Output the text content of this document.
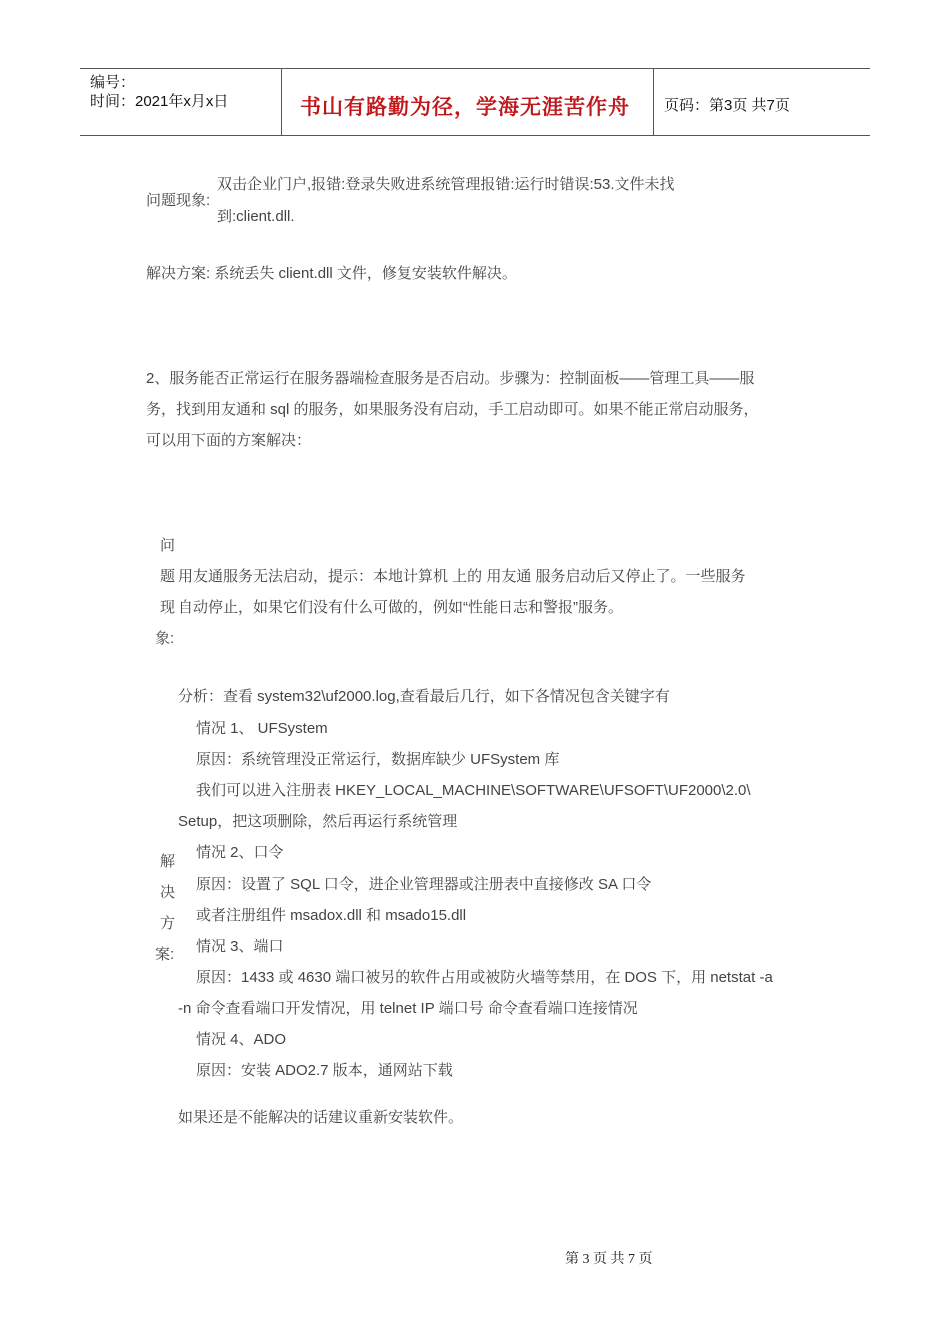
编号：
时间：2021年x月x日	书山有路勤为径，学海无涯苦作舟 页码：第3页 共7页
问题现象:
双击企业门户,报错:登录失败进系统管理报错:运行时错误:53.文件未找
到:client.dll.
解决方案: 系统丢失 client.dll 文件，修复安装软件解决。
2、服务能否正常运行在服务器端检查服务是否启动。步骤为：控制面板——管理工具——服
务，找到用友通和 sql 的服务，如果服务没有启动，手工启动即可。如果不能正常启动服务，
可以用下面的方案解决：
问
题
现
象:
用友通服务无法启动，提示：本地计算机 上的 用友通 服务启动后又停止了。一些服务
自动停止，如果它们没有什么可做的，例如“性能日志和警报”服务。
分析：查看 system32\uf2000.log,查看最后几行，如下各情况包含关键字有
情况 1、 UFSystem
原因：系统管理没正常运行，数据库缺少 UFSystem 库
我们可以进入注册表 HKEY_LOCAL_MACHINE\SOFTWARE\UFSOFT\UF2000\2.0\
Setup，把这项删除，然后再运行系统管理
解
决
方
案:
情况 2、口令
原因：设置了 SQL 口令，进企业管理器或注册表中直接修改 SA 口令
或者注册组件 msadox.dll 和 msado15.dll
情况 3、端口
原因：1433 或 4630 端口被另的软件占用或被防火墙等禁用，在 DOS 下，用 netstat -a
-n 命令查看端口开发情况，用 telnet IP 端口号 命令查看端口连接情况
情况 4、ADO
原因：安装 ADO2.7 版本，通网站下载
如果还是不能解决的话建议重新安装软件。
第 3 页 共 7 页
